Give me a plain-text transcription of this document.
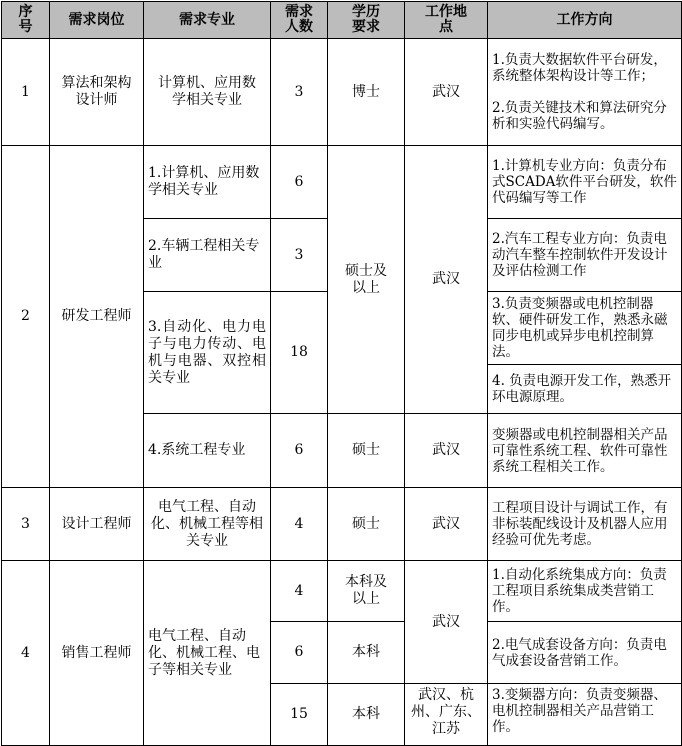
序号	需求岗位	需求专业	需求人数	学历要求	工作地点	工作方向
1	算法和架构设计师	计算机、应用数学相关专业	3	博士	武汉	1.负责大数据软件平台研发，系统整体架构设计等工作；
2.负责关键技术和算法研究分析和实验代码编写。

2	研发工程师	1.计算机、应用数学相关专业	6	硕士及以上	武汉	1.计算机专业方向：负责分布式SCADA软件平台研发，软件代码编写等工作
		2.车辆工程相关专业	3			2.汽车工程专业方向：负责电动汽车整车控制软件开发设计及评估检测工作
		3.自动化、电力电子与电力传动、电机与电器、双控相关专业	18			3.负责变频器或电机控制器软、硬件研发工作，熟悉永磁同步电机或异步电机控制算法。
						4. 负责电源开发工作，熟悉开环电源原理。
		4.系统工程专业	6	硕士	武汉	变频器或电机控制器相关产品可靠性系统工程、软件可靠性系统工程相关工作。
3	设计工程师	电气工程、自动化、机械工程等相关专业	4	硕士	武汉	工程项目设计与调试工作，有非标装配线设计及机器人应用经验可优先考虑。
4	销售工程师	电气工程、自动化、机械工程、电子等相关专业	4	本科及以上	武汉	1.自动化系统集成方向：负责工程项目系统集成类营销工作。
			6	本科		2.电气成套设备方向：负责电气成套设备营销工作。
			15	本科	武汉、杭州、广东、江苏	3.变频器方向：负责变频器、电机控制器相关产品营销工作。
